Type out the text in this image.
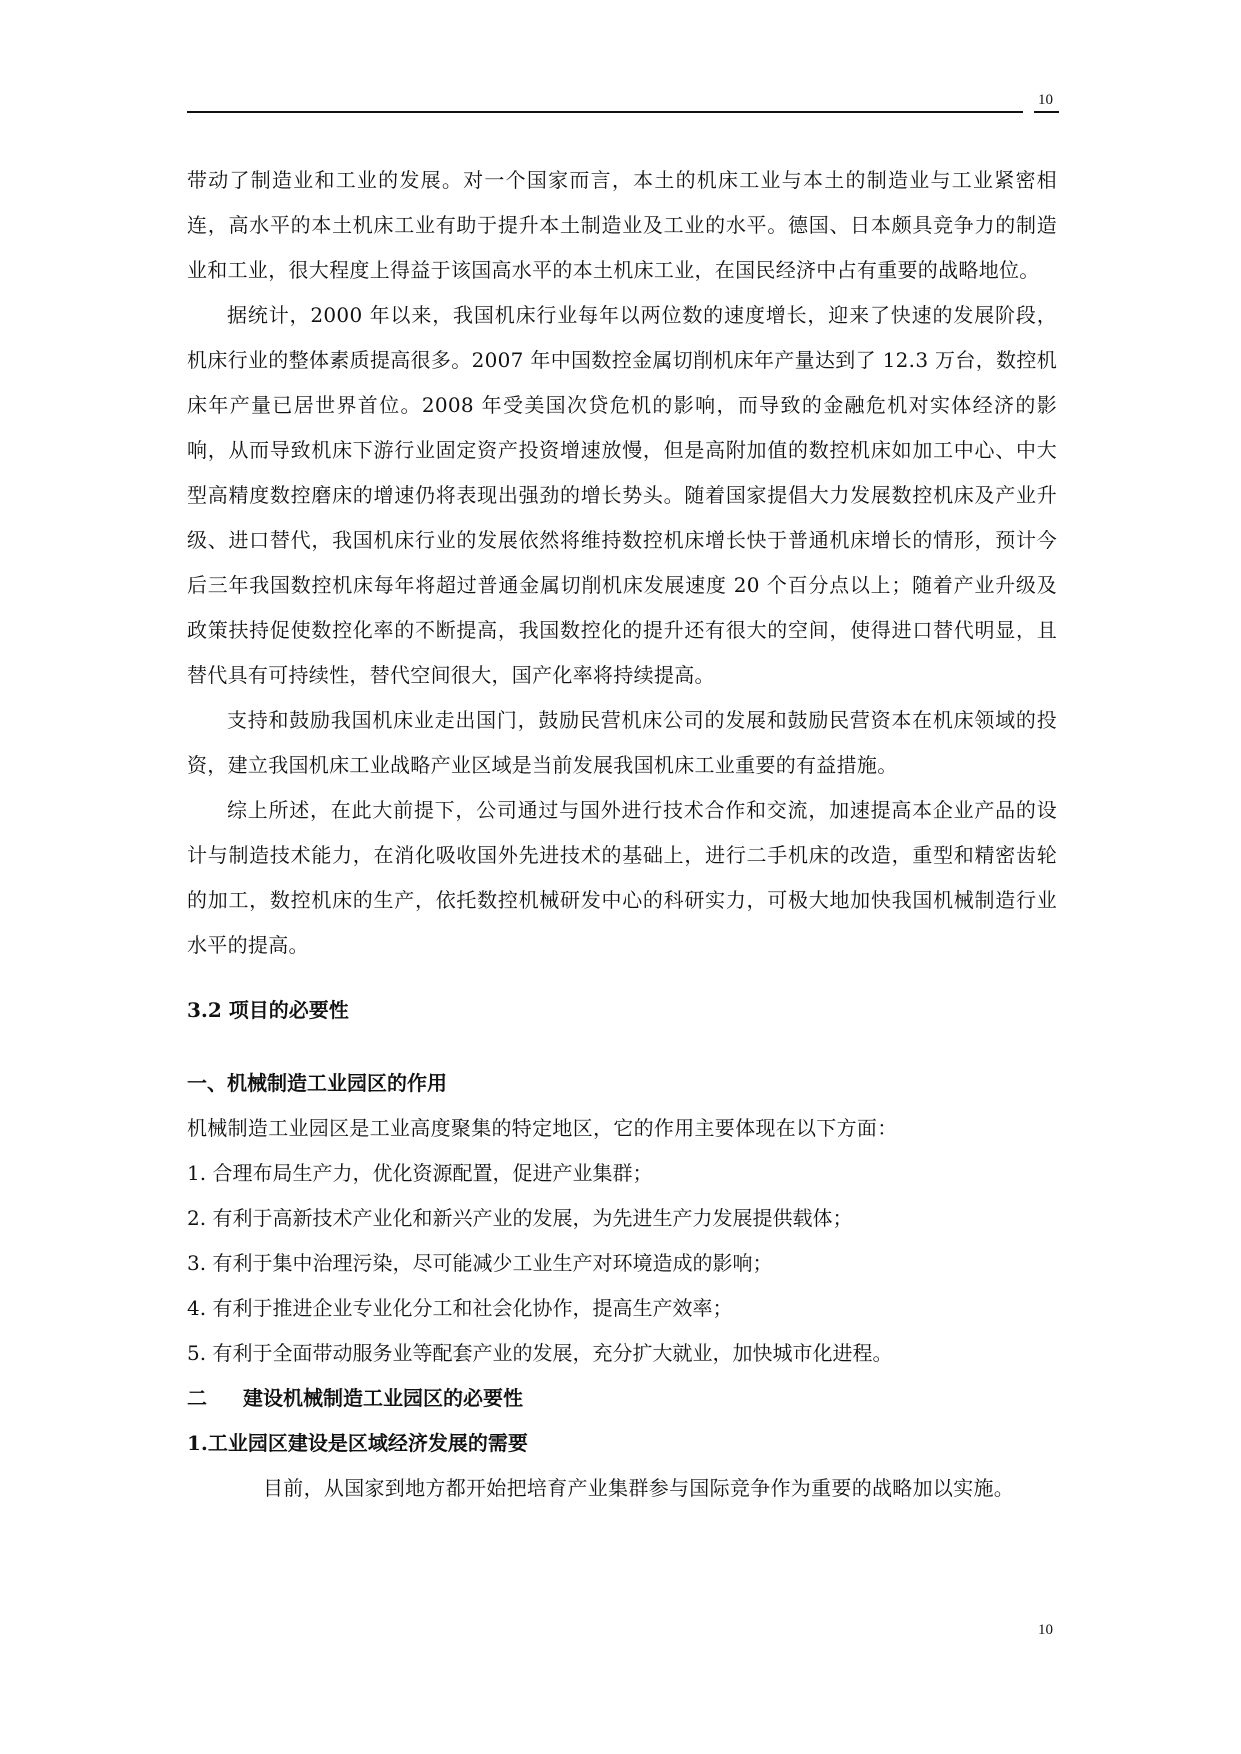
10

带动了制造业和工业的发展。对一个国家而言，本土的机床工业与本土的制造业与工业紧密相连，高水平的本土机床工业有助于提升本土制造业及工业的水平。德国、日本颇具竞争力的制造业和工业，很大程度上得益于该国高水平的本土机床工业，在国民经济中占有重要的战略地位。

据统计，2000 年以来，我国机床行业每年以两位数的速度增长，迎来了快速的发展阶段，机床行业的整体素质提高很多。2007 年中国数控金属切削机床年产量达到了 12.3 万台，数控机床年产量已居世界首位。2008 年受美国次贷危机的影响，而导致的金融危机对实体经济的影响，从而导致机床下游行业固定资产投资增速放慢，但是高附加值的数控机床如加工中心、中大型高精度数控磨床的增速仍将表现出强劲的增长势头。随着国家提倡大力发展数控机床及产业升级、进口替代，我国机床行业的发展依然将维持数控机床增长快于普通机床增长的情形，预计今后三年我国数控机床每年将超过普通金属切削机床发展速度 20 个百分点以上；随着产业升级及政策扶持促使数控化率的不断提高，我国数控化的提升还有很大的空间，使得进口替代明显，且替代具有可持续性，替代空间很大，国产化率将持续提高。

支持和鼓励我国机床业走出国门，鼓励民营机床公司的发展和鼓励民营资本在机床领域的投资，建立我国机床工业战略产业区域是当前发展我国机床工业重要的有益措施。

综上所述，在此大前提下，公司通过与国外进行技术合作和交流，加速提高本企业产品的设计与制造技术能力，在消化吸收国外先进技术的基础上，进行二手机床的改造，重型和精密齿轮的加工，数控机床的生产，依托数控机械研发中心的科研实力，可极大地加快我国机械制造行业水平的提高。

3.2 项目的必要性

一、机械制造工业园区的作用

机械制造工业园区是工业高度聚集的特定地区，它的作用主要体现在以下方面：

1. 合理布局生产力，优化资源配置，促进产业集群；

2. 有利于高新技术产业化和新兴产业的发展，为先进生产力发展提供载体；

3. 有利于集中治理污染，尽可能减少工业生产对环境造成的影响；

4. 有利于推进企业专业化分工和社会化协作，提高生产效率；

5. 有利于全面带动服务业等配套产业的发展，充分扩大就业，加快城市化进程。

二 建设机械制造工业园区的必要性

1.工业园区建设是区域经济发展的需要

目前，从国家到地方都开始把培育产业集群参与国际竞争作为重要的战略加以实施。

10
